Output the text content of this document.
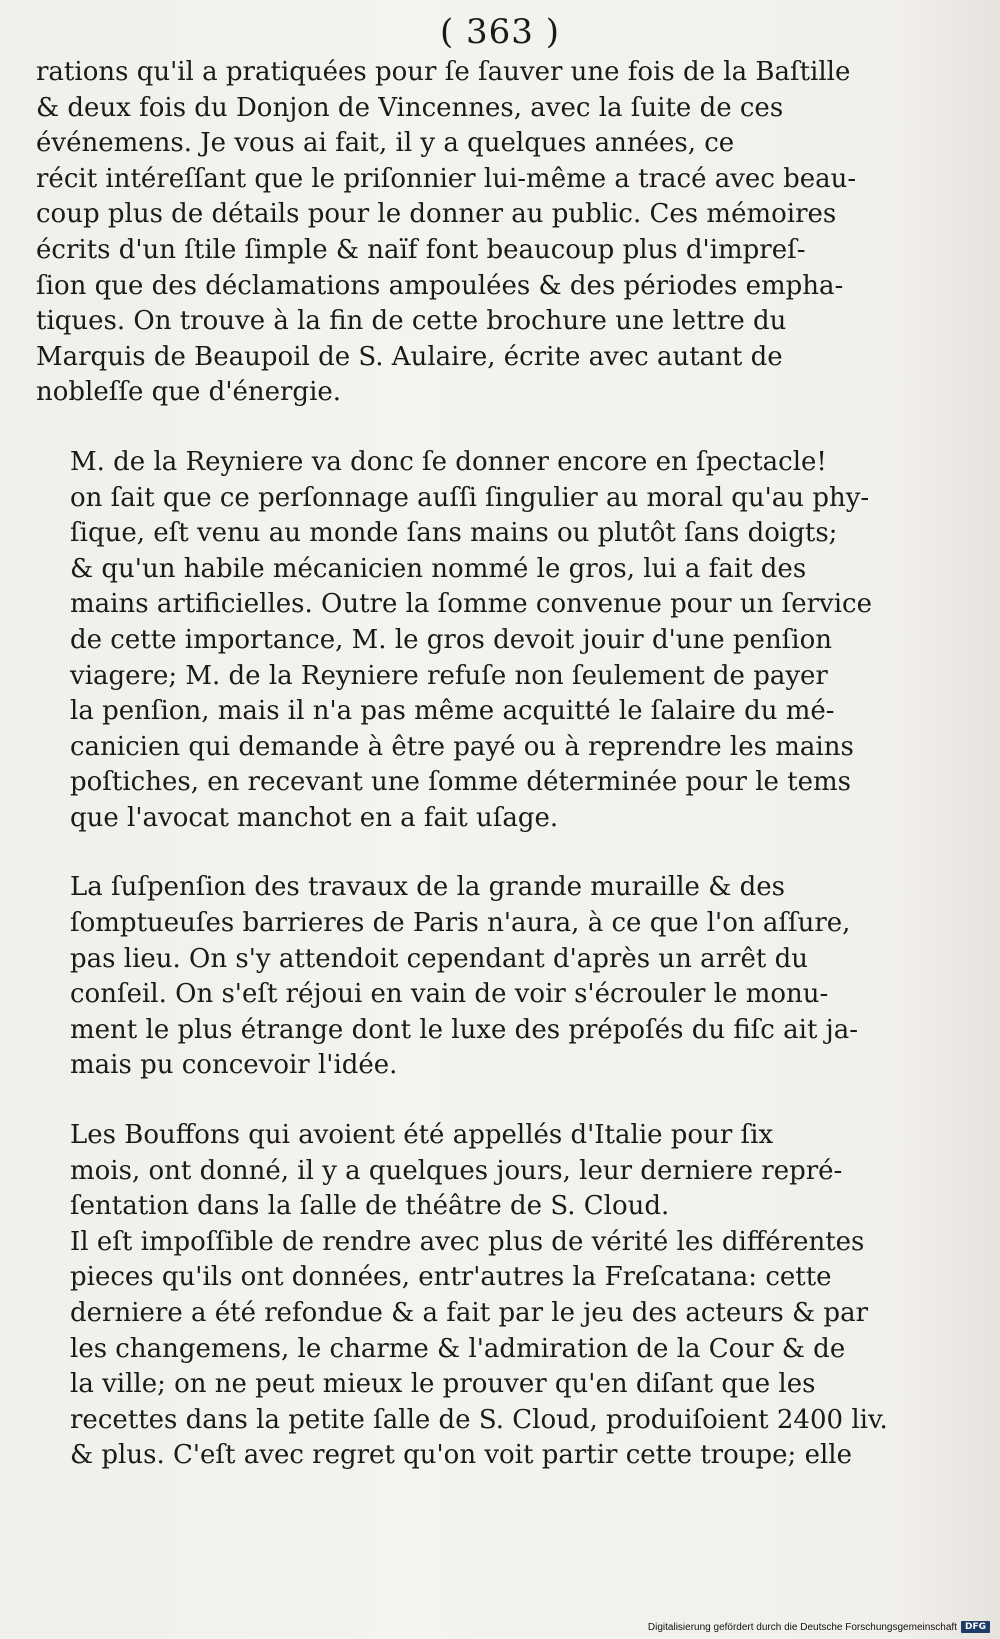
( 363 )
rations qu'il a pratiquées pour ſe ſauver une fois de la Baſtille
& deux fois du Donjon de Vincennes, avec la ſuite de ces
événemens. Je vous ai fait, il y a quelques années, ce
récit intéreſſant que le priſonnier lui-même a tracé avec beau-
coup plus de détails pour le donner au public. Ces mémoires
écrits d'un ſtile ſimple & naïf font beaucoup plus d'impreſ-
ſion que des déclamations ampoulées & des périodes empha-
tiques. On trouve à la fin de cette brochure une lettre du
Marquis de Beaupoil de S. Aulaire, écrite avec autant de
nobleſſe que d'énergie.
M. de la Reyniere va donc ſe donner encore en ſpectacle!
on ſait que ce perſonnage auſſi ſingulier au moral qu'au phy-
ſique, eſt venu au monde ſans mains ou plutôt ſans doigts;
& qu'un habile mécanicien nommé le gros, lui a fait des
mains artificielles. Outre la ſomme convenue pour un ſervice
de cette importance, M. le gros devoit jouir d'une penſion
viagere; M. de la Reyniere refuſe non ſeulement de payer
la penſion, mais il n'a pas même acquitté le ſalaire du mé-
canicien qui demande à être payé ou à reprendre les mains
poſtiches, en recevant une ſomme déterminée pour le tems
que l'avocat manchot en a fait uſage.
La ſuſpenſion des travaux de la grande muraille & des
ſomptueuſes barrieres de Paris n'aura, à ce que l'on aſſure,
pas lieu. On s'y attendoit cependant d'après un arrêt du
conſeil. On s'eſt réjoui en vain de voir s'écrouler le monu-
ment le plus étrange dont le luxe des prépoſés du fiſc ait ja-
mais pu concevoir l'idée.
Les Bouffons qui avoient été appellés d'Italie pour ſix
mois, ont donné, il y a quelques jours, leur derniere repré-
ſentation dans la ſalle de théâtre de S. Cloud.
Il eſt impoſſible de rendre avec plus de vérité les différentes
pieces qu'ils ont données, entr'autres la Freſcatana: cette
derniere a été refondue & a fait par le jeu des acteurs & par
les changemens, le charme & l'admiration de la Cour & de
la ville; on ne peut mieux le prouver qu'en diſant que les
recettes dans la petite ſalle de S. Cloud, produiſoient 2400 liv.
& plus. C'eſt avec regret qu'on voit partir cette troupe; elle
Digitalisierung gefördert durch die Deutsche Forschungsgemeinschaft DFG
